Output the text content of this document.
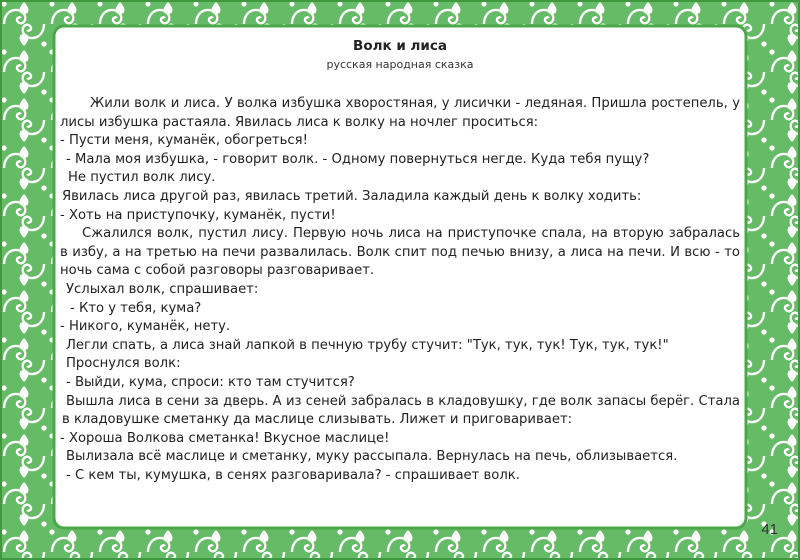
Волк и лиса
русская народная сказка

Жили волк и лиса. У волка избушка хворостяная, у лисички - ледяная. Пришла ростепель, у лисы избушка растаяла. Явилась лиса к волку на ночлег проситься:

- Пусти меня, куманёк, обогреться!

- Мала моя избушка, - говорит волк. - Одному повернуться негде. Куда тебя пущу?

Не пустил волк лису.

Явилась лиса другой раз, явилась третий. Заладила каждый день к волку ходить:

- Хоть на приступочку, куманёк, пусти!

Сжалился волк, пустил лису. Первую ночь лиса на приступочке спала, на вторую забралась в избу, а на третью на печи развалилась. Волк спит под печью внизу, а лиса на печи. И всю - то ночь сама с собой разговоры разговаривает.

Услыхал волк, спрашивает:

- Кто у тебя, кума?

- Никого, куманёк, нету.

Легли спать, а лиса знай лапкой в печную трубу стучит: "Тук, тук, тук! Тук, тук, тук!"

Проснулся волк:

- Выйди, кума, спроси: кто там стучится?

Вышла лиса в сени за дверь. А из сеней забралась в кладовушку, где волк запасы берёг. Стала в кладовушке сметанку да маслице слизывать. Лижет и приговаривает:

- Хороша Волкова сметанка! Вкусное маслице!

Вылизала всё маслице и сметанку, муку рассыпала. Вернулась на печь, облизывается.

- С кем ты, кумушка, в сенях разговаривала? - спрашивает волк.

41
